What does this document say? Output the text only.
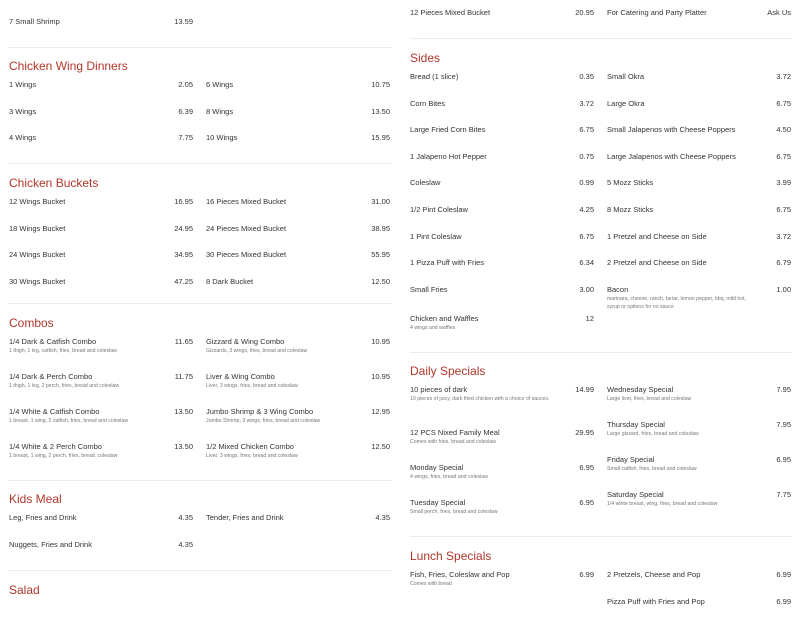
7 Small Shrimp	13.59
Chicken Wing Dinners
1 Wings	2.05
3 Wings	6.39
4 Wings	7.75
6 Wings	10.75
8 Wings	13.50
10 Wings	15.95
Chicken Buckets
12 Wings Bucket	16.95
18 Wings Bucket	24.95
24 Wings Bucket	34.95
30 Wings Bucket	47.25
16 Pieces Mixed Bucket	31.00
24 Pieces Mixed Bucket	38.95
30 Pieces Mixed Bucket	55.95
8 Dark Bucket	12.50
Combos
1/4 Dark & Catfish Combo	11.65
1 thigh, 1 leg, catfish, fries, bread and coleslaw
1/4 Dark & Perch Combo	11.75
1 thigh, 1 leg, 2 perch, fries, bread and coleslaw
1/4 White & Catfish Combo	13.50
1 breast, 1 wing, 2 catfish, fries, bread and coleslaw
1/4 White & 2 Perch Combo	13.50
1 breast, 1 wing, 2 perch, fries, bread, coleslaw
Gizzard & Wing Combo	10.95
Gizzards, 3 wings, fries, bread and coleslaw
Liver & Wing Combo	10.95
Liver, 3 wings, fries, bread and coleslaw
Jumbo Shrimp & 3 Wing Combo	12.95
Jumbo Shrimp, 3 wings, fries, bread and coleslaw
1/2 Mixed Chicken Combo	12.50
Liver, 3 wings, fries, bread and coleslaw
Kids Meal
Leg, Fries and Drink	4.35
Nuggets, Fries and Drink	4.35
Tender, Fries and Drink	4.35
Salad
12 Pieces Mixed Bucket	20.95 For Catering and Party Platter	Ask Us
Sides
Bread (1 slice)	0.35
Corn Bites	3.72
Large Fried Corn Bites	6.75
1 Jalapeno Hot Pepper	0.75
Coleslaw	0.99
1/2 Pint Coleslaw	4.25
1 Pint Coleslaw	6.75
1 Pizza Puff with Fries	6.34
Small Fries	3.00
Chicken and Waffles	12
4 wings and waffles
Small Okra	3.72
Large Okra	6.75
Small Jalapenos with Cheese Poppers	4.50
Large Jalapenos with Cheese Poppers	6.75
5 Mozz Sticks	3.99
8 Mozz Sticks	6.75
1 Pretzel and Cheese on Side	3.72
2 Pretzel and Cheese on Side	6.79
Bacon	1.00
marinara, cheese, ranch, tartar, lemon pepper, bbq, mild hot, syrup or options for no sauce
Daily Specials
10 pieces of dark	14.99
10 pieces of juicy, dark fried chicken with a choice of sauces.
12 PCS Nixed Family Meal	29.95
Comes with fries, bread and coleslaw
Monday Special	6.95
4 wings, fries, bread and coleslaw
Tuesday Special	6.95
Small perch, fries, bread and coleslaw
Wednesday Special	7.95
Large liver, fries, bread and coleslaw
Thursday Special	7.95
Large gizzard, fries, bread and coleslaw
Friday Special	6.95
Small catfish, fries, bread and coleslaw
Saturday Special	7.75
1/4 white breast, wing, fries, bread and coleslaw
Lunch Specials
Fish, Fries, Coleslaw and Pop	6.99
Comes with bread
2 Pretzels, Cheese and Pop	6.99
Pizza Puff with Fries and Pop	6.99
